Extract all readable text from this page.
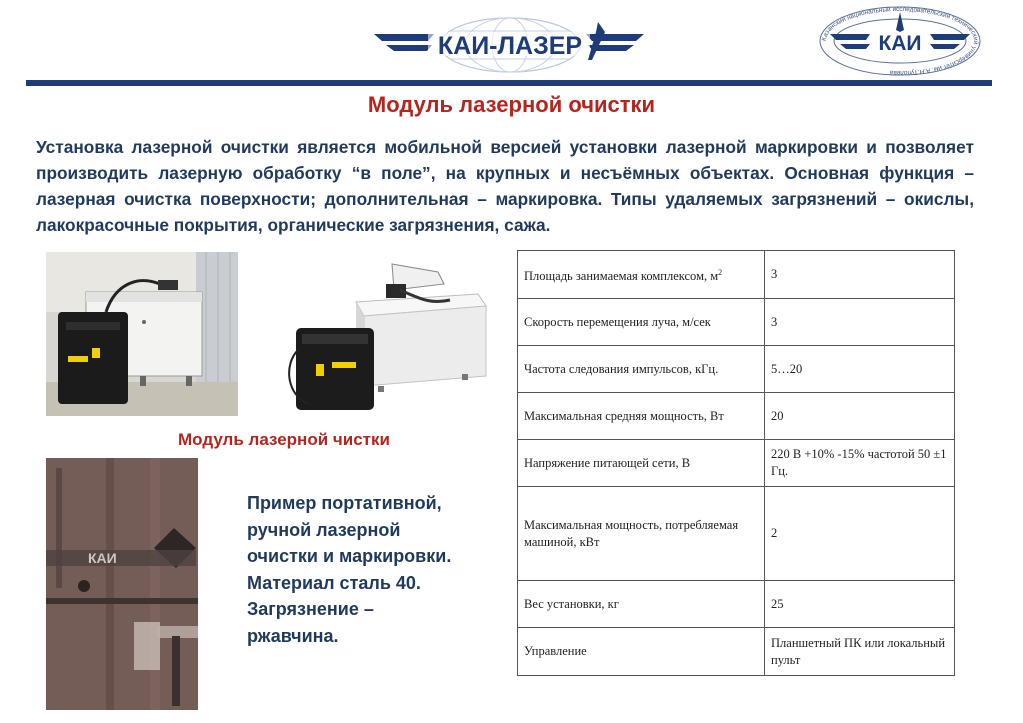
КАИ-ЛАЗЕР	Казанский национальный исследовательский технический университет им. А.Н.Туполева
КАИ
Модуль лазерной очистки

Установка лазерной очистки является мобильной версией установки лазерной маркировки и позволяет производить лазерную обработку “в поле”, на крупных и несъёмных объектах. Основная функция – лазерная очистка поверхности; дополнительная – маркировка. Типы удаляемых загрязнений – окислы, лакокрасочные покрытия, органические загрязнения, сажа.

Модуль лазерной чистки
КАИ
Пример портативной,
ручной лазерной
очистки и маркировки.
Материал сталь 40.
Загрязнение –
ржавчина.
Площадь занимаемая комплексом, $м^2$	3
Скорость перемещения луча, м/сек	3
Частота следования импульсов, кГц.	5…20
Максимальная средняя мощность, Вт	20
Напряжение питающей сети, В	220 В +10% -15% частотой 50 ±1 Гц.
Максимальная мощность, потребляемая машиной, кВт	2
Вес установки, кг	25
Управление	Планшетный ПК или локальный пульт
